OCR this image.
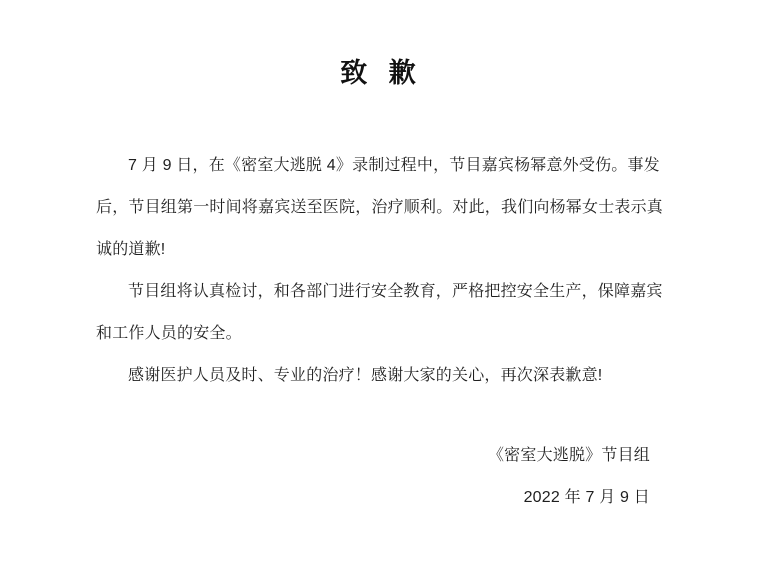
致 歉

7 月 9 日，在《密室大逃脱 4》录制过程中，节目嘉宾杨幂意外受伤。事发

后，节目组第一时间将嘉宾送至医院，治疗顺利。对此，我们向杨幂女士表示真

诚的道歉!

节目组将认真检讨，和各部门进行安全教育，严格把控安全生产，保障嘉宾

和工作人员的安全。

感谢医护人员及时、专业的治疗！感谢大家的关心，再次深表歉意!

《密室大逃脱》节目组

2022 年 7 月 9 日
